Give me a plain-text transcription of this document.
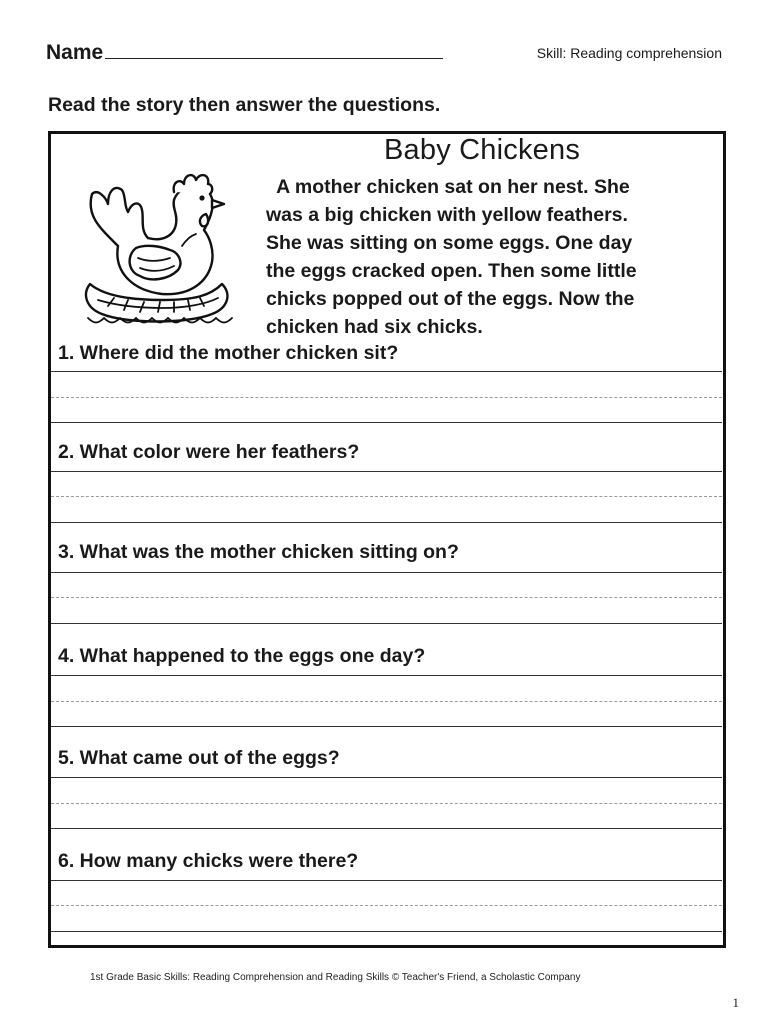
Name	Skill: Reading comprehension
Read the story then answer the questions.
Baby Chickens
A mother chicken sat on her nest. She
was a big chicken with yellow feathers.
She was sitting on some eggs. One day
the eggs cracked open. Then some little
chicks popped out of the eggs. Now the
chicken had six chicks.
1. Where did the mother chicken sit?
2. What color were her feathers?
3. What was the mother chicken sitting on?
4. What happened to the eggs one day?
5. What came out of the eggs?
6. How many chicks were there?
1st Grade Basic Skills: Reading Comprehension and Reading Skills © Teacher's Friend, a Scholastic Company
1
